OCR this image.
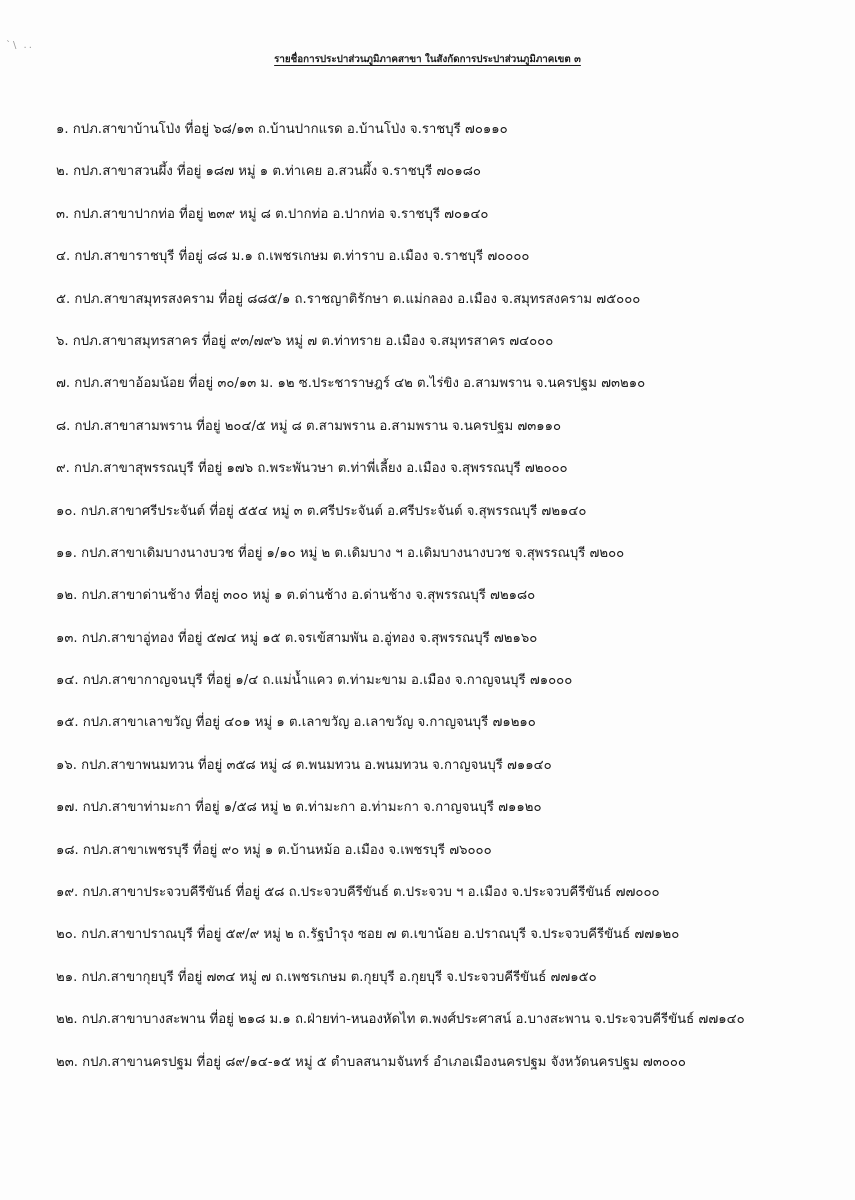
`\ ..
รายชื่อการประปาส่วนภูมิภาคสาขา ในสังกัดการประปาส่วนภูมิภาคเขต ๓
๑. กปภ.สาขาบ้านโป่ง ที่อยู่ ๖๘/๑๓ ถ.บ้านปากแรด อ.บ้านโป่ง จ.ราชบุรี ๗๐๑๑๐
๒. กปภ.สาขาสวนผึ้ง ที่อยู่ ๑๘๗ หมู่ ๑ ต.ท่าเคย อ.สวนผึ้ง จ.ราชบุรี ๗๐๑๘๐
๓. กปภ.สาขาปากท่อ ที่อยู่ ๒๓๙ หมู่ ๘ ต.ปากท่อ อ.ปากท่อ จ.ราชบุรี ๗๐๑๔๐
๔. กปภ.สาขาราชบุรี ที่อยู่ ๘๘ ม.๑ ถ.เพชรเกษม ต.ท่าราบ อ.เมือง จ.ราชบุรี ๗๐๐๐๐
๕. กปภ.สาขาสมุทรสงคราม ที่อยู่ ๘๘๕/๑ ถ.ราชญาติรักษา ต.แม่กลอง อ.เมือง จ.สมุทรสงคราม ๗๕๐๐๐
๖. กปภ.สาขาสมุทรสาคร ที่อยู่ ๙๓/๗๙๖ หมู่ ๗ ต.ท่าทราย อ.เมือง จ.สมุทรสาคร ๗๔๐๐๐
๗. กปภ.สาขาอ้อมน้อย ที่อยู่ ๓๐/๑๓ ม. ๑๒ ซ.ประชาราษฎร์ ๔๒ ต.ไร่ขิง อ.สามพราน จ.นครปฐม ๗๓๒๑๐
๘. กปภ.สาขาสามพราน ที่อยู่ ๒๐๔/๕ หมู่ ๘ ต.สามพราน อ.สามพราน จ.นครปฐม ๗๓๑๑๐
๙. กปภ.สาขาสุพรรณบุรี ที่อยู่ ๑๗๖ ถ.พระพันวษา ต.ท่าพี่เลี้ยง อ.เมือง จ.สุพรรณบุรี ๗๒๐๐๐
๑๐. กปภ.สาขาศรีประจันต์ ที่อยู่ ๕๕๔ หมู่ ๓ ต.ศรีประจันต์ อ.ศรีประจันต์ จ.สุพรรณบุรี ๗๒๑๔๐
๑๑. กปภ.สาขาเดิมบางนางบวช ที่อยู่ ๑/๑๐ หมู่ ๒ ต.เดิมบาง ฯ อ.เดิมบางนางบวช จ.สุพรรณบุรี ๗๒๐๐
๑๒. กปภ.สาขาด่านช้าง ที่อยู่ ๓๐๐ หมู่ ๑ ต.ด่านช้าง อ.ด่านช้าง จ.สุพรรณบุรี ๗๒๑๘๐
๑๓. กปภ.สาขาอู่ทอง ที่อยู่ ๕๗๔ หมู่ ๑๕ ต.จรเข้สามพัน อ.อู่ทอง จ.สุพรรณบุรี ๗๒๑๖๐
๑๔. กปภ.สาขากาญจนบุรี ที่อยู่ ๑/๔ ถ.แม่น้ำแคว ต.ท่ามะขาม อ.เมือง จ.กาญจนบุรี ๗๑๐๐๐
๑๕. กปภ.สาขาเลาขวัญ ที่อยู่ ๔๐๑ หมู่ ๑ ต.เลาขวัญ อ.เลาขวัญ จ.กาญจนบุรี ๗๑๒๑๐
๑๖. กปภ.สาขาพนมทวน ที่อยู่ ๓๕๘ หมู่ ๘ ต.พนมทวน อ.พนมทวน จ.กาญจนบุรี ๗๑๑๔๐
๑๗. กปภ.สาขาท่ามะกา ที่อยู่ ๑/๕๘ หมู่ ๒ ต.ท่ามะกา อ.ท่ามะกา จ.กาญจนบุรี ๗๑๑๒๐
๑๘. กปภ.สาขาเพชรบุรี ที่อยู่ ๙๐ หมู่ ๑ ต.บ้านหม้อ อ.เมือง จ.เพชรบุรี ๗๖๐๐๐
๑๙. กปภ.สาขาประจวบคีรีขันธ์ ที่อยู่ ๕๘ ถ.ประจวบคีรีขันธ์ ต.ประจวบ ฯ อ.เมือง จ.ประจวบคีรีขันธ์ ๗๗๐๐๐
๒๐. กปภ.สาขาปราณบุรี ที่อยู่ ๕๙/๙ หมู่ ๒ ถ.รัฐบำรุง ซอย ๗ ต.เขาน้อย อ.ปราณบุรี จ.ประจวบคีรีขันธ์ ๗๗๑๒๐
๒๑. กปภ.สาขากุยบุรี ที่อยู่ ๗๓๔ หมู่ ๗ ถ.เพชรเกษม ต.กุยบุรี อ.กุยบุรี จ.ประจวบคีรีขันธ์ ๗๗๑๕๐
๒๒. กปภ.สาขาบางสะพาน ที่อยู่ ๒๑๘ ม.๑ ถ.ฝ่ายท่า-หนองหัดไท ต.พงศ์ประศาสน์ อ.บางสะพาน จ.ประจวบคีรีขันธ์ ๗๗๑๔๐
๒๓. กปภ.สาขานครปฐม ที่อยู่ ๘๙/๑๔-๑๕ หมู่ ๕ ตำบลสนามจันทร์ อำเภอเมืองนครปฐม จังหวัดนครปฐม ๗๓๐๐๐
